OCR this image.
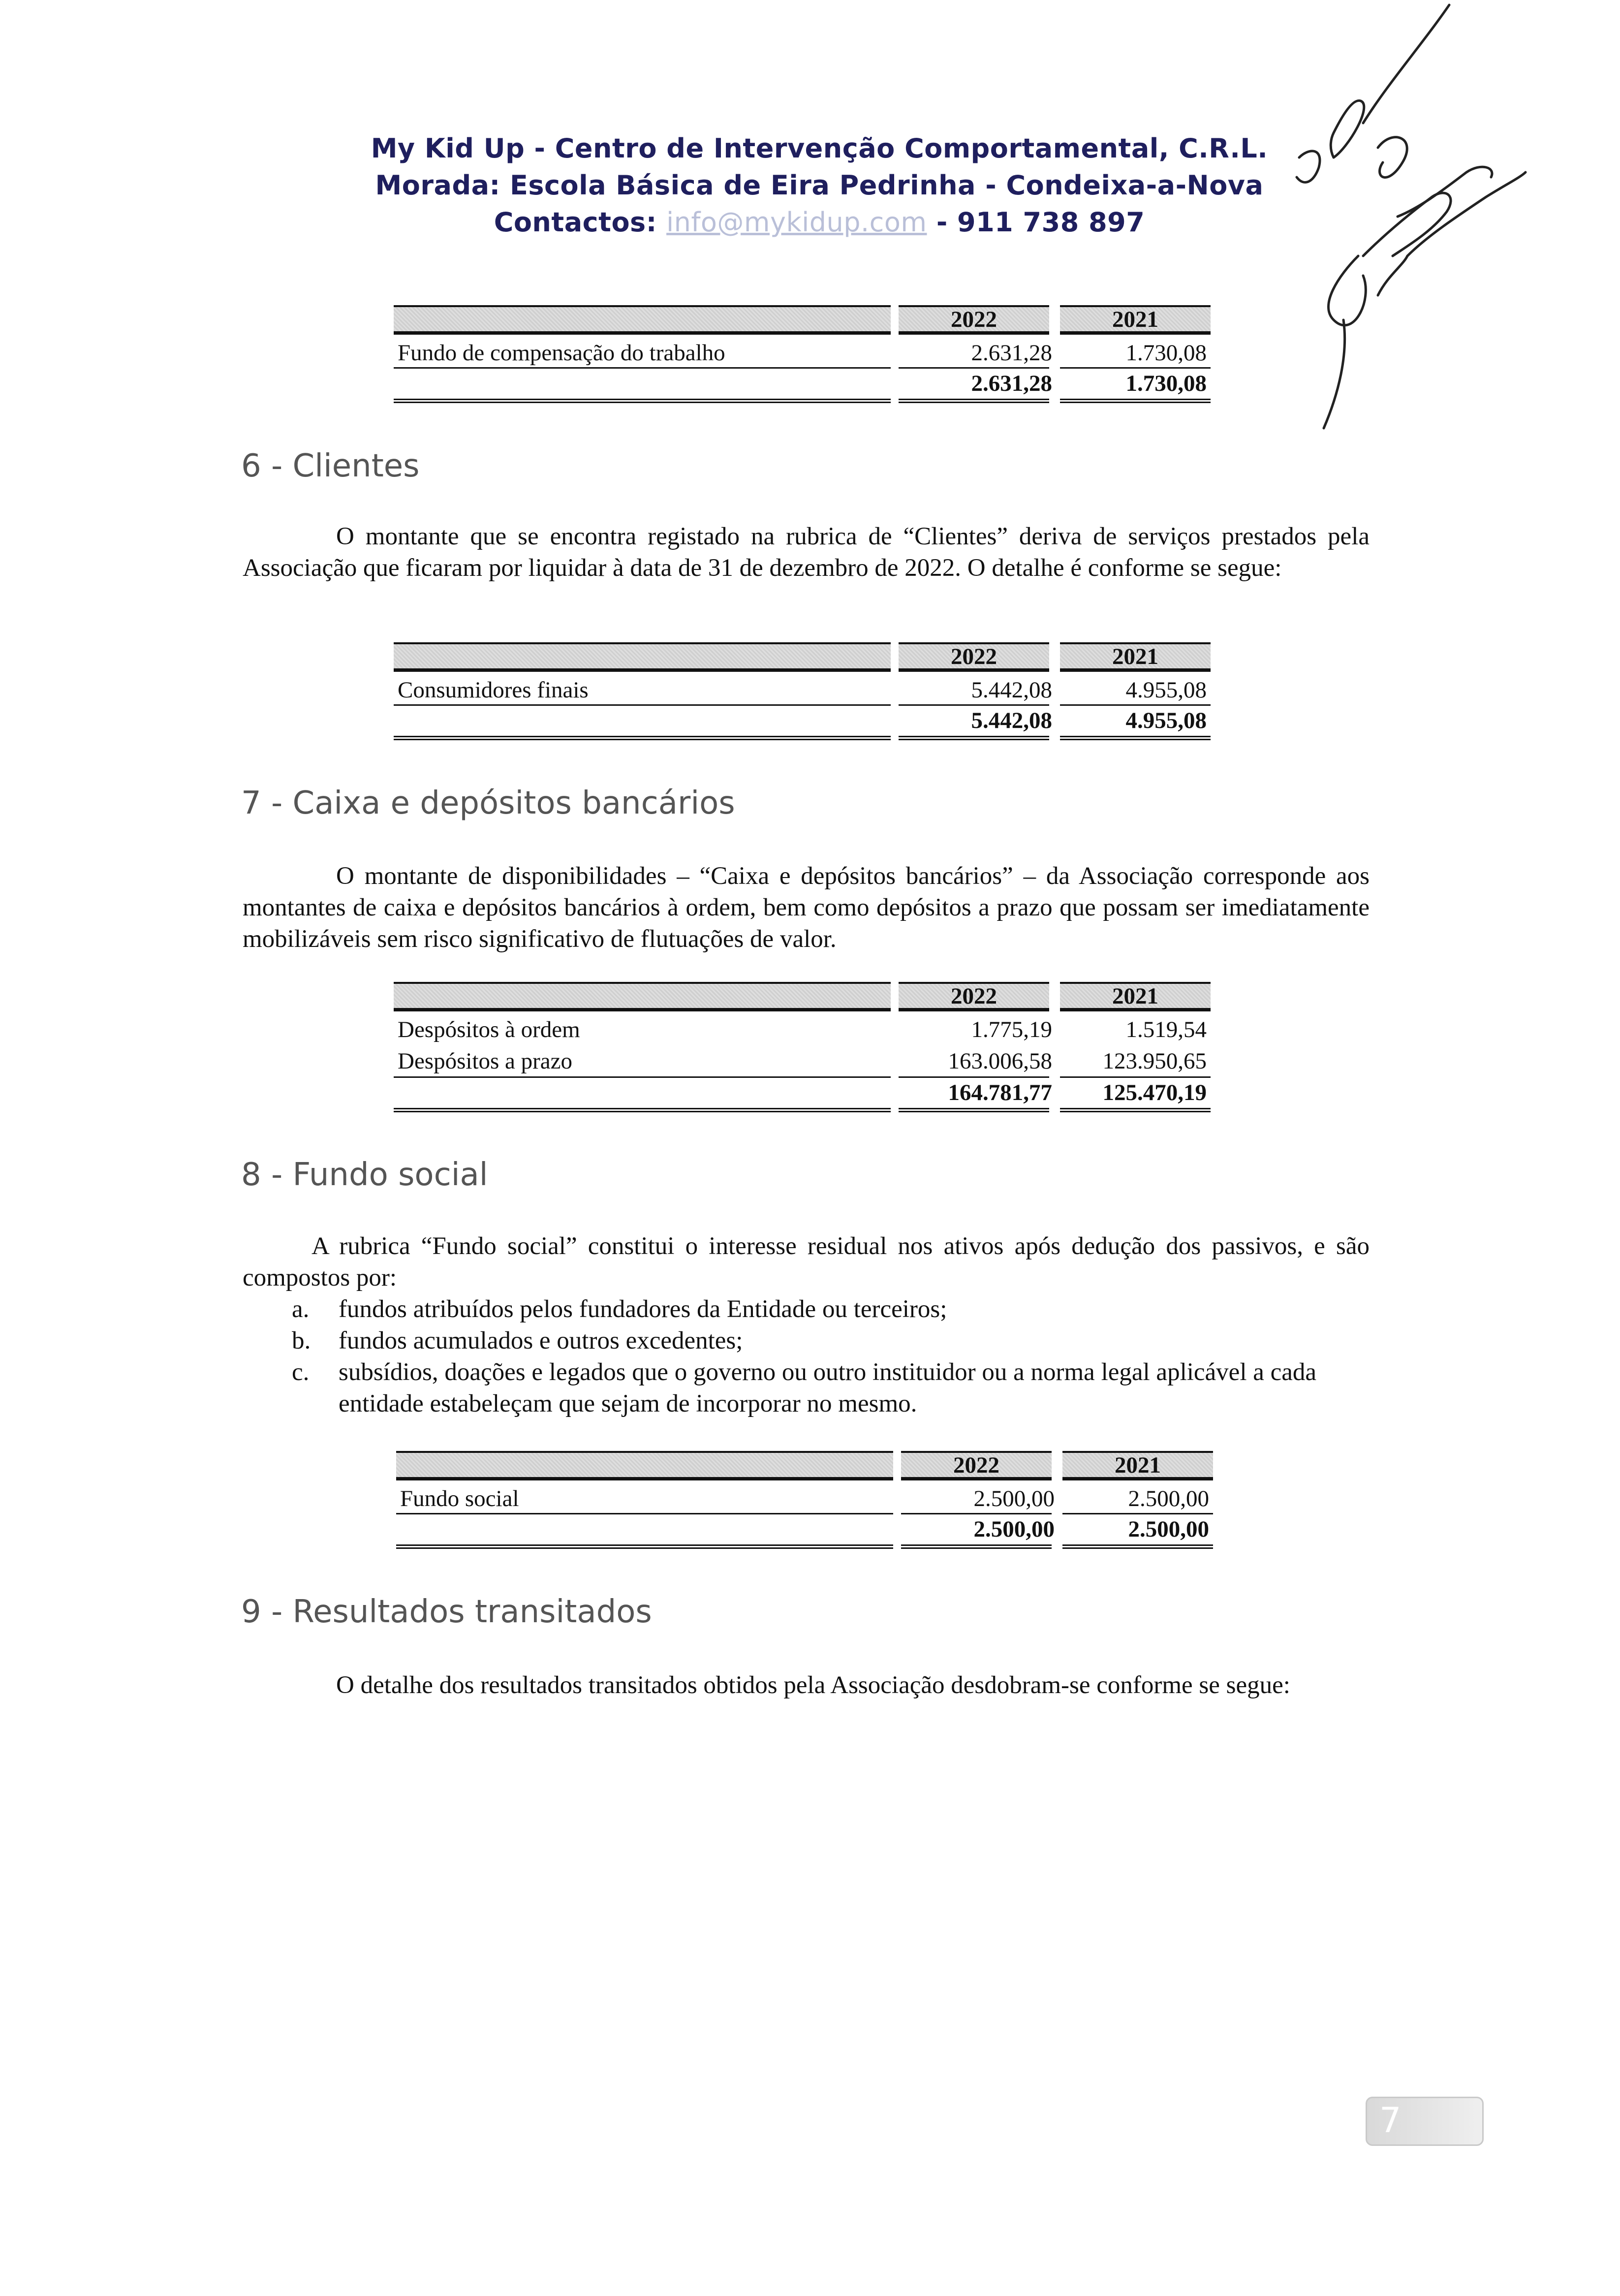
My Kid Up - Centro de Intervenção Comportamental, C.R.L.
Morada: Escola Básica de Eira Pedrinha - Condeixa-a-Nova
Contactos: info@mykidup.com - 911 738 897
2022	2021
Fundo de compensação do trabalho	2.631,28	1.730,08
2.631,28	1.730,08
6 - Clientes
O montante que se encontra registado na rubrica de “Clientes” deriva de serviços prestados pela Associação que ficaram por liquidar à data de 31 de dezembro de 2022. O detalhe é conforme se segue:
2022	2021
Consumidores finais	5.442,08	4.955,08
5.442,08	4.955,08
7 - Caixa e depósitos bancários
O montante de disponibilidades – “Caixa e depósitos bancários” – da Associação corresponde aos montantes de caixa e depósitos bancários à ordem, bem como depósitos a prazo que possam ser imediatamente mobilizáveis sem risco significativo de flutuações de valor.
2022	2021
Despósitos à ordem	1.775,19	1.519,54
Despósitos a prazo	163.006,58 123.950,65
164.781,77 125.470,19
8 - Fundo social
A rubrica “Fundo social” constitui o interesse residual nos ativos após dedução dos passivos, e são compostos por:
a. fundos atribuídos pelos fundadores da Entidade ou terceiros;
b. fundos acumulados e outros excedentes;
c. subsídios, doações e legados que o governo ou outro instituidor ou a norma legal aplicável a cada entidade estabeleçam que sejam de incorporar no mesmo.
2022	2021
Fundo social	2.500,00	2.500,00
2.500,00	2.500,00
9 - Resultados transitados
O detalhe dos resultados transitados obtidos pela Associação desdobram-se conforme se segue:
7
